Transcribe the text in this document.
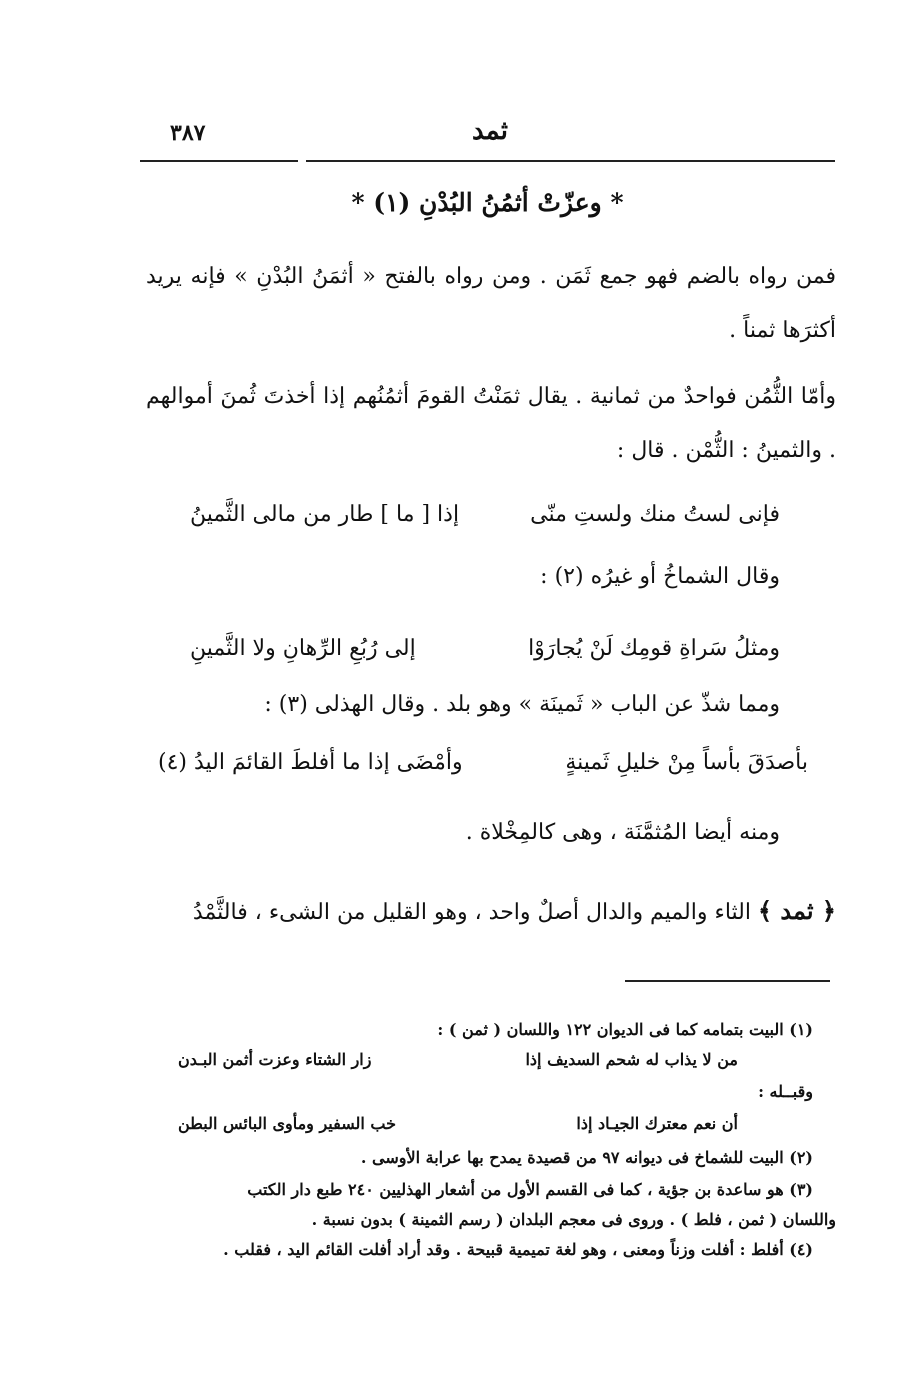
ثمد
٣٨٧
* وعزّتْ أثمُنُ البُدْنِ (١) *
فمن رواه بالضم فهو جمع ثَمَن . ومن رواه بالفتح « أثمَنُ البُدْنِ » فإنه يريد أكثرَها ثمناً .
وأمّا الثُّمُن فواحدٌ من ثمانية . يقال ثمَنْتُ القومَ أثمُنُهم إذا أخذتَ ثُمنَ أموالهم . والثمينُ : الثُّمْن . قال :
فإنى لستُ منك ولستِ منّى
إذا [ ما ] طار من مالى الثَّمينُ
وقال الشماخُ أو غيرُه (٢) :
ومثلُ سَراةِ قومِك لَنْ يُجارَوْا
إلى رُبُعِ الرِّهانِ ولا الثَّمينِ
ومما شذّ عن الباب « ثَمينَة » وهو بلد . وقال الهذلى (٣) :
بأصدَقَ بأساً مِنْ خليلِ ثَمينةٍ
وأمْضَى إذا ما أفلطَ القائمَ اليدُ (٤)
ومنه أيضا المُثمَّنَة ، وهى كالمِخْلاة .
﴿ ثمد ﴾ الثاء والميم والدال أصلٌ واحد ، وهو القليل من الشىء ، فالثَّمْدُ
(١) البيت بتمامه كما فى الديوان ١٢٢ واللسان ( ثمن ) :
من لا يذاب له شحم السديف إذا
زار الشتاء وعزت أثمن البـدن
وقبــله :
أن نعم معترك الجيـاد إذا
خب السفير ومأوى البائس البطن
(٢) البيت للشماخ فى ديوانه ٩٧ من قصيدة يمدح بها عرابة الأوسى .
(٣) هو ساعدة بن جؤية ، كما فى القسم الأول من أشعار الهذليين ٢٤٠ طبع دار الكتب
واللسان ( ثمن ، فلط ) . وروى فى معجم البلدان ( رسم الثمينة ) بدون نسبة .
(٤) أفلط : أفلت وزناً ومعنى ، وهو لغة تميمية قبيحة . وقد أراد أفلت القائم اليد ، فقلب .
